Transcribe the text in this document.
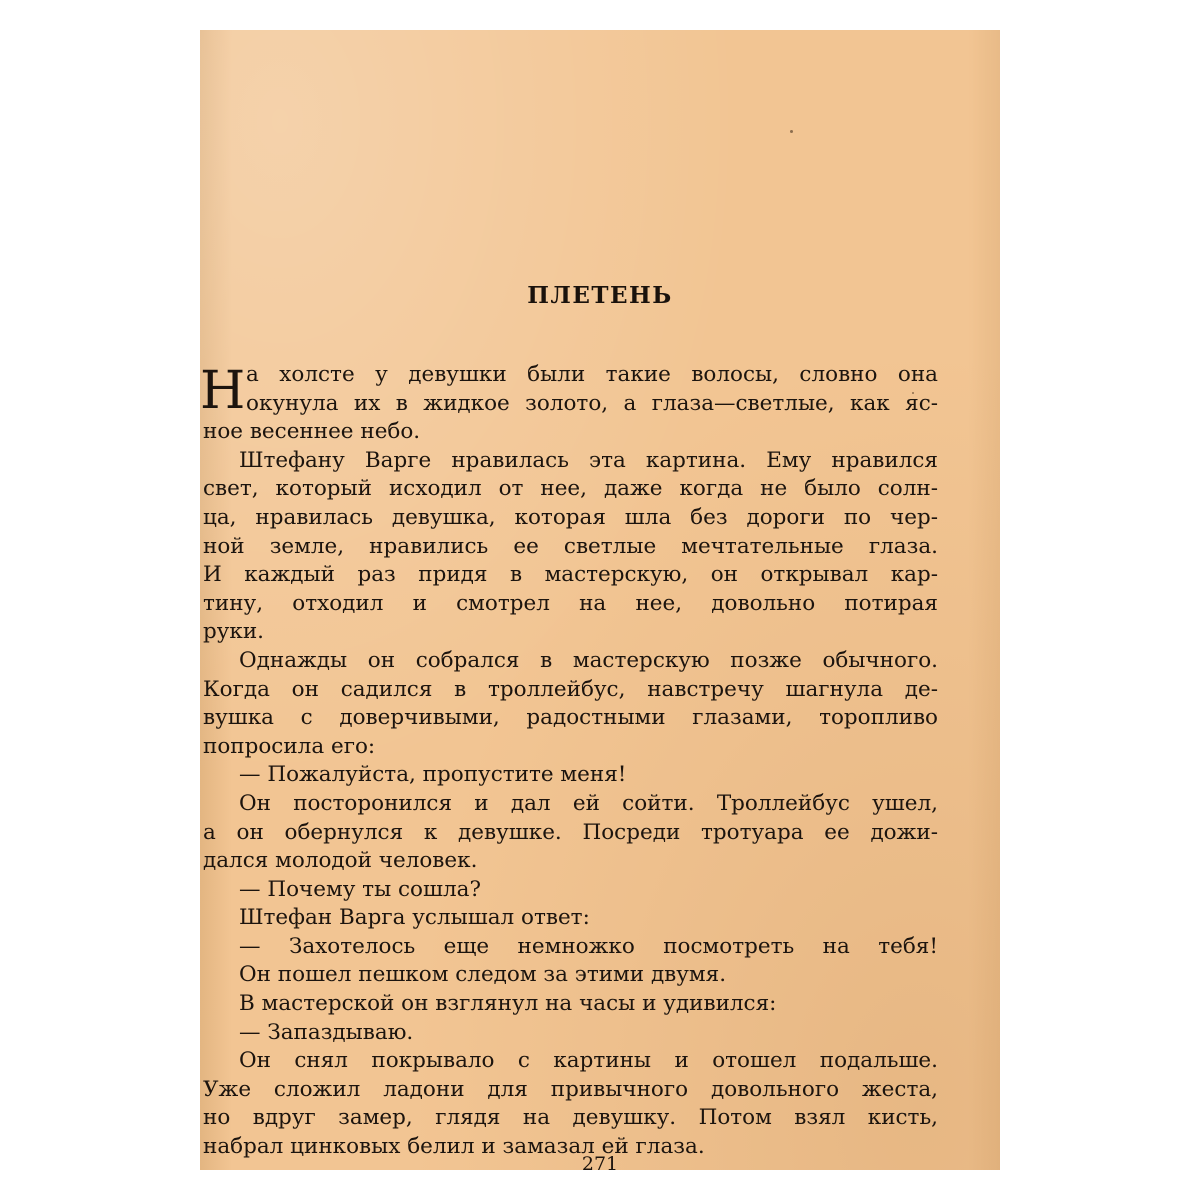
ПЛЕТЕНЬ
Н а холсте у девушки были такие волосы, словно она
окунула их в жидкое золото, а глаза—светлые, как яс-
ное весеннее небо.
Штефану Варге нравилась эта картина. Ему нравился
свет, который исходил от нее, даже когда не было солн-
ца, нравилась девушка, которая шла без дороги по чер-
ной земле, нравились ее светлые мечтательные глаза.
И каждый раз придя в мастерскую, он открывал кар-
тину, отходил и смотрел на нее, довольно потирая
руки.
Однажды он собрался в мастерскую позже обычного.
Когда он садился в троллейбус, навстречу шагнула де-
вушка с доверчивыми, радостными глазами, торопливо
попросила его:
— Пожалуйста, пропустите меня!
Он посторонился и дал ей сойти. Троллейбус ушел,
а он обернулся к девушке. Посреди тротуара ее дожи-
дался молодой человек.
— Почему ты сошла?
Штефан Варга услышал ответ:
— Захотелось еще немножко посмотреть на тебя!
Он пошел пешком следом за этими двумя.
В мастерской он взглянул на часы и удивился:
— Запаздываю.
Он снял покрывало с картины и отошел подальше.
Уже сложил ладони для привычного довольного жеста,
но вдруг замер, глядя на девушку. Потом взял кисть,
набрал цинковых белил и замазал ей глаза.
271
